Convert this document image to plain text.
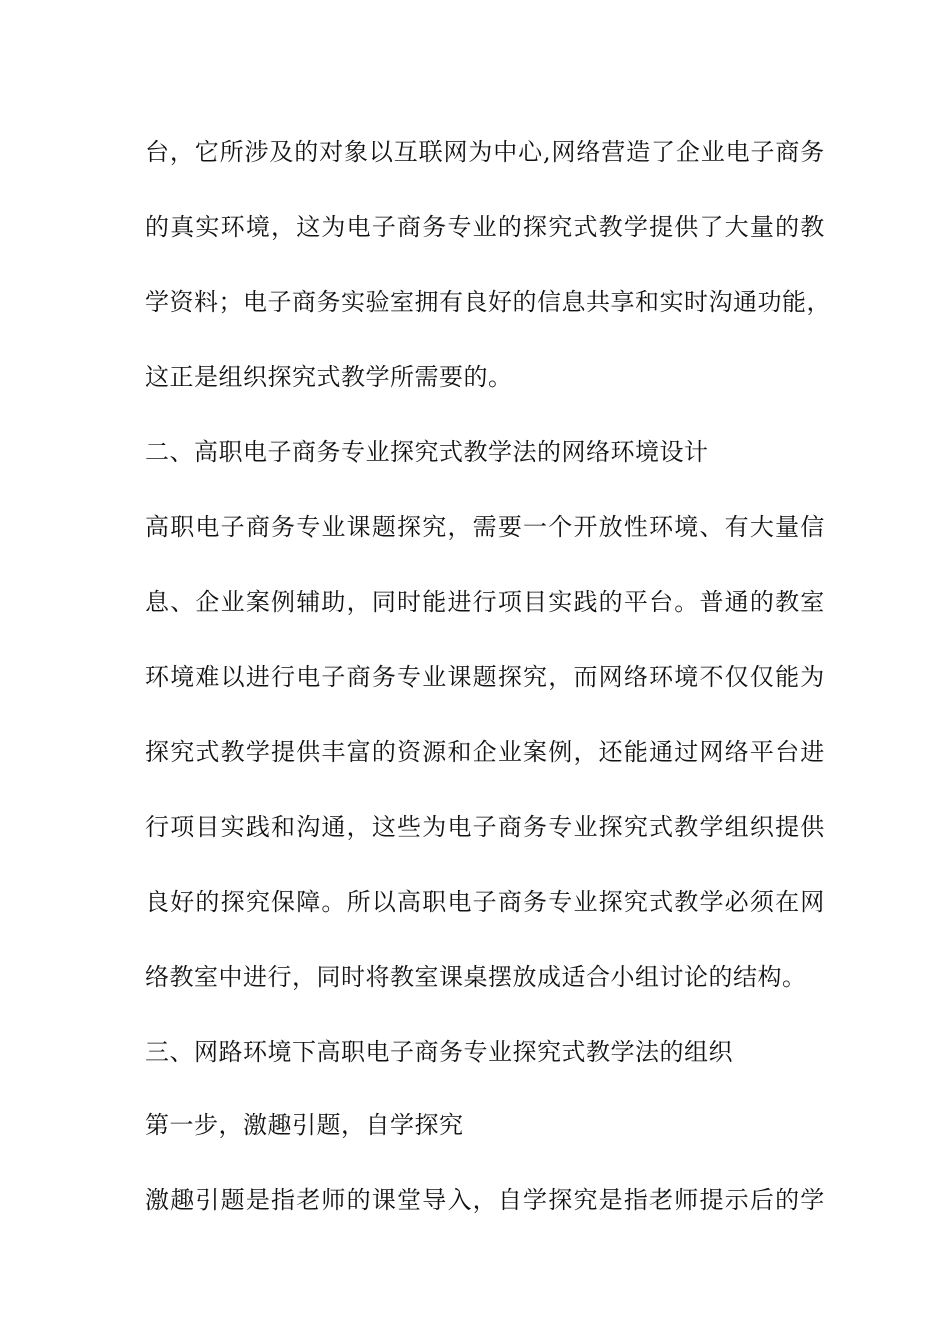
台 ， 它 所 涉 及 的 对 象 以 互 联 网 为 中 心 , 网 络 营 造 了 企 业 电 子 商 务
的 真 实 环 境 ， 这 为 电 子 商 务 专 业 的 探 究 式 教 学 提 供 了 大 量 的 教
学 资 料 ； 电 子 商 务 实 验 室 拥 有 良 好 的 信 息 共 享 和 实 时 沟 通 功 能 ，
这正是组织探究式教学所需要的。
二、高职电子商务专业探究式教学法的网络环境设计
高 职 电 子 商 务 专 业 课 题 探 究 ， 需 要 一 个 开 放 性 环 境 、 有 大 量 信
息 、 企 业 案 例 辅 助 ， 同 时 能 进 行 项 目 实 践 的 平 台 。 普 通 的 教 室
环 境 难 以 进 行 电 子 商 务 专 业 课 题 探 究 ， 而 网 络 环 境 不 仅 仅 能 为
探 究 式 教 学 提 供 丰 富 的 资 源 和 企 业 案 例 ， 还 能 通 过 网 络 平 台 进
行 项 目 实 践 和 沟 通 ， 这 些 为 电 子 商 务 专 业 探 究 式 教 学 组 织 提 供
良 好 的 探 究 保 障 。 所 以 高 职 电 子 商 务 专 业 探 究 式 教 学 必 须 在 网
络教室中进行，同时将教室课桌摆放成适合小组讨论的结构。
三、网路环境下高职电子商务专业探究式教学法的组织
第一步，激趣引题，自学探究
激 趣 引 题 是 指 老 师 的 课 堂 导 入 ， 自 学 探 究 是 指 老 师 提 示 后 的 学
